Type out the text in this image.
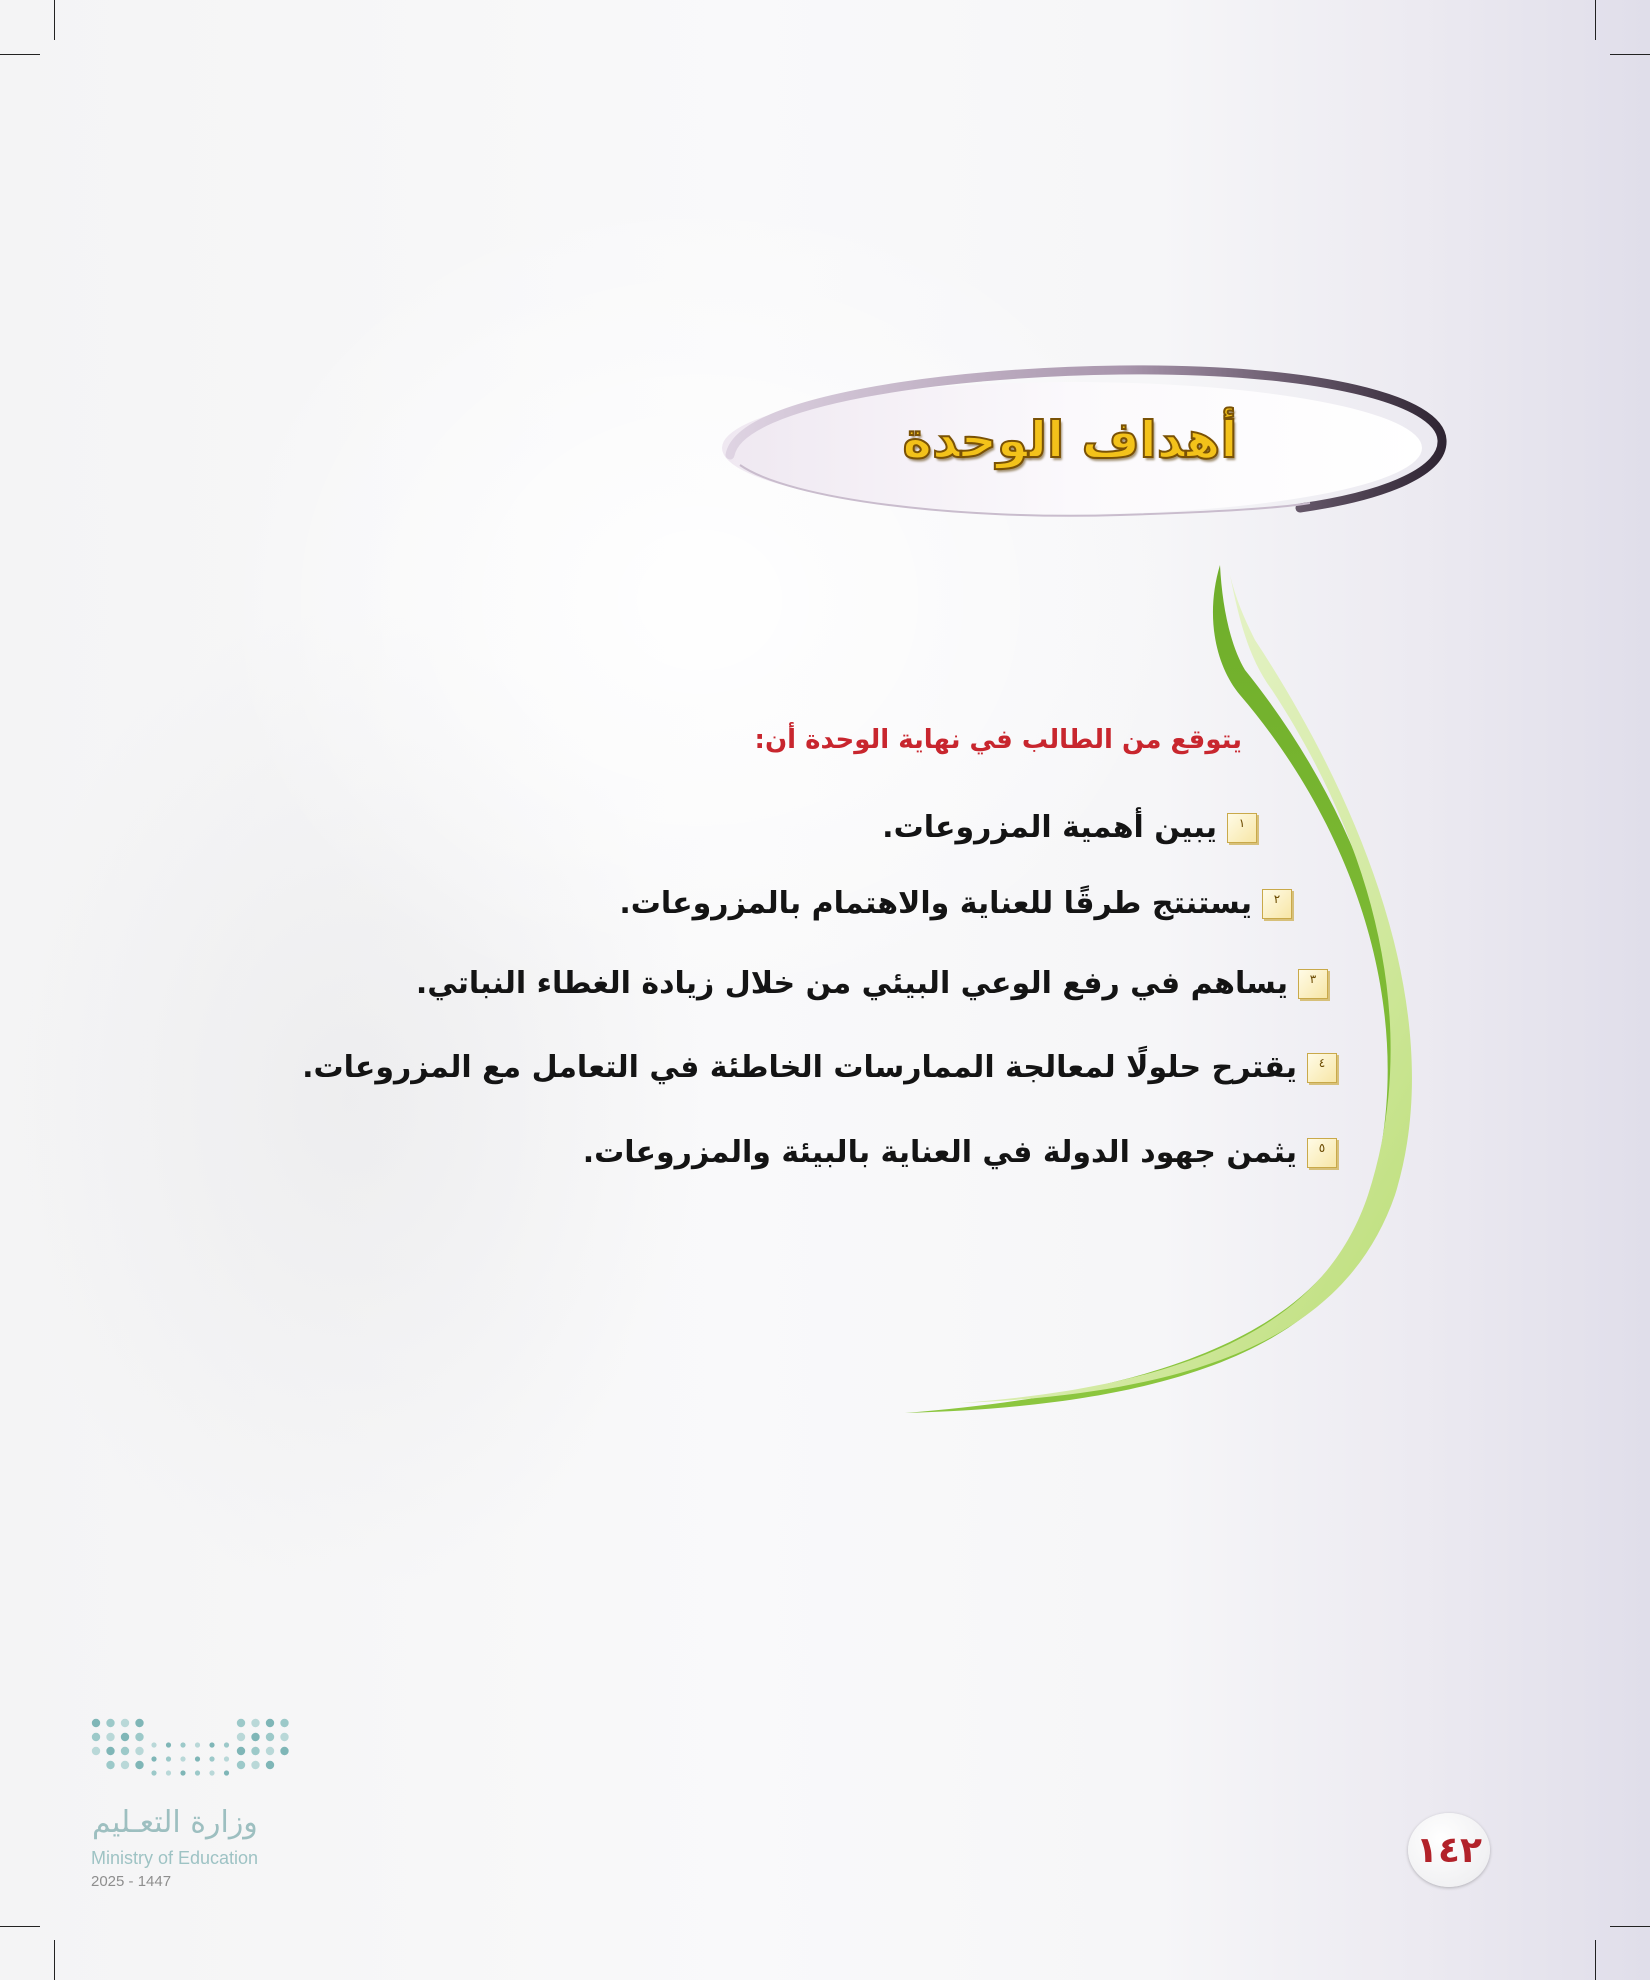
أهداف الوحدة
يتوقع من الطالب في نهاية الوحدة أن:
١
يبين أهمية المزروعات.
٢
يستنتج طرقًا للعناية والاهتمام بالمزروعات.
٣
يساهم في رفع الوعي البيئي من خلال زيادة الغطاء النباتي.
٤
يقترح حلولًا لمعالجة الممارسات الخاطئة في التعامل مع المزروعات.
٥
يثمن جهود الدولة في العناية بالبيئة والمزروعات.
وزارة التعـليم
Ministry of Education
2025 - 1447
١٤٢
